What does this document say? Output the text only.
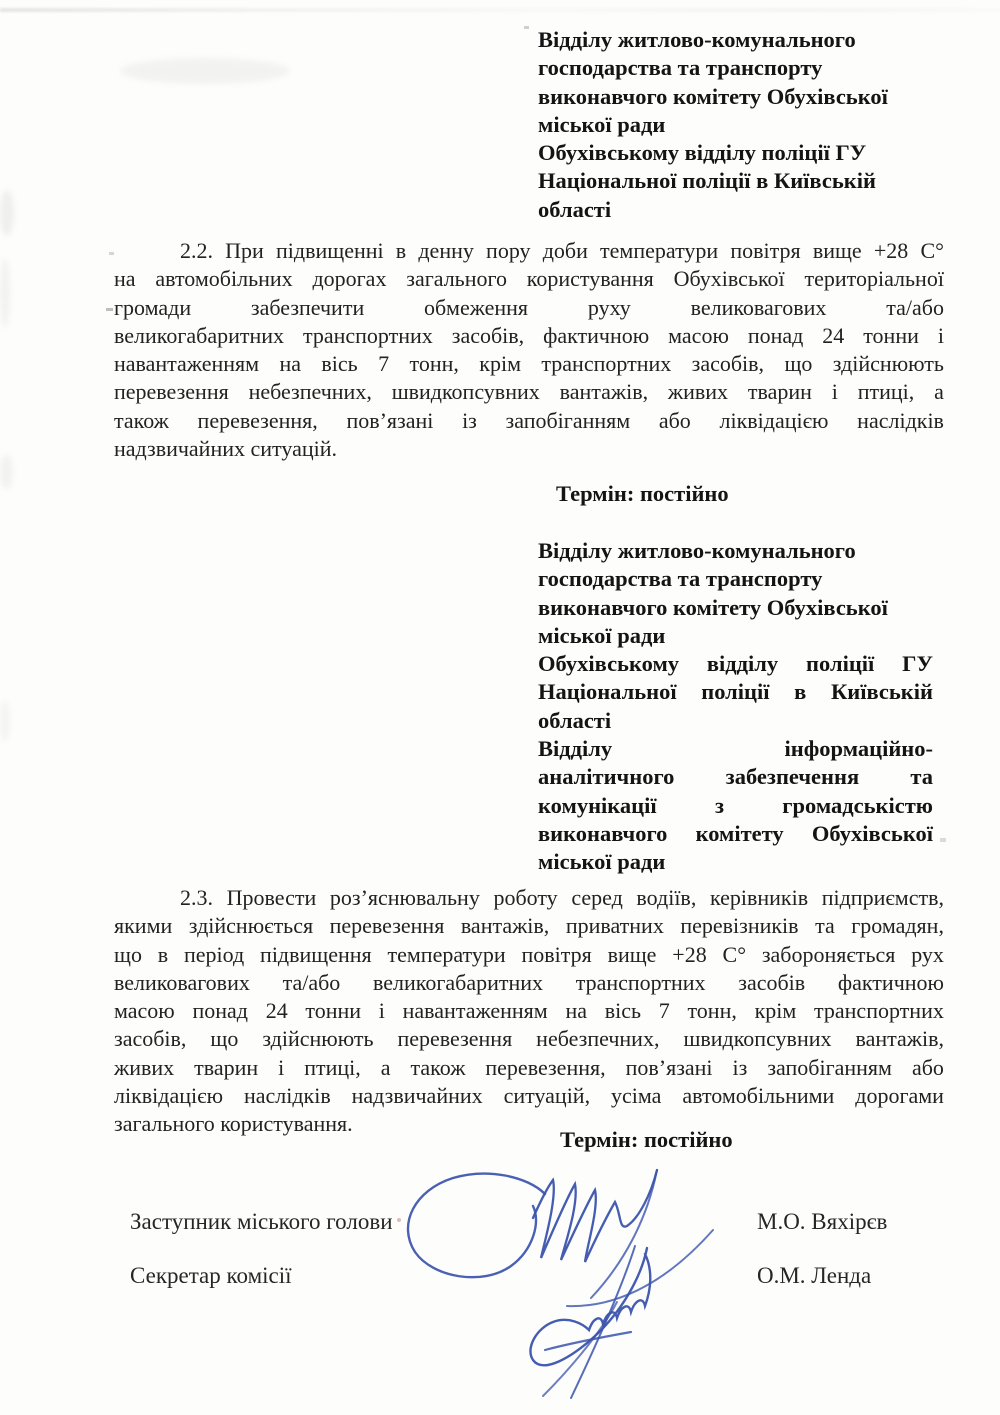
Відділу житлово-комунального
господарства та транспорту
виконавчого комітету Обухівської
міської ради
Обухівському відділу поліції ГУ
Національної поліції в Київській
області
2.2. При підвищенні в денну пору доби температури повітря вище +28 С°
на автомобільних дорогах загального користування Обухівської територіальної
громади	забезпечити	обмеження	руху	великовагових	та/або
великогабаритних транспортних засобів, фактичною масою понад 24 тонни і
навантаженням на вісь 7 тонн, крім транспортних засобів, що здійснюють
перевезення небезпечних, швидкопсувних вантажів, живих тварин і птиці, а
також перевезення, пов’язані із запобіганням або ліквідацією наслідків
надзвичайних ситуацій.
Термін: постійно
Відділу житлово-комунального
господарства та транспорту
виконавчого комітету Обухівської
міської ради
Обухівському відділу поліції ГУ
Національної поліції в Київській
області
Відділу	інформаційно-
аналітичного забезпечення та
комунікації	з	громадськістю
виконавчого комітету Обухівської
міської ради
2.3. Провести роз’яснювальну роботу серед водіїв, керівників підприємств,
якими здійснюється перевезення вантажів, приватних перевізників та громадян,
що в період підвищення температури повітря вище +28 С° забороняється рух
великовагових та/або великогабаритних транспортних засобів фактичною
масою понад 24 тонни і навантаженням на вісь 7 тонн, крім транспортних
засобів, що здійснюють перевезення небезпечних, швидкопсувних вантажів,
живих тварин і птиці, а також перевезення, пов’язані із запобіганням або
ліквідацією наслідків надзвичайних ситуацій, усіма автомобільними дорогами
загального користування.
Термін: постійно
Заступник міського голови	М.О. Вяхірєв
Секретар комісії	О.М. Ленда
